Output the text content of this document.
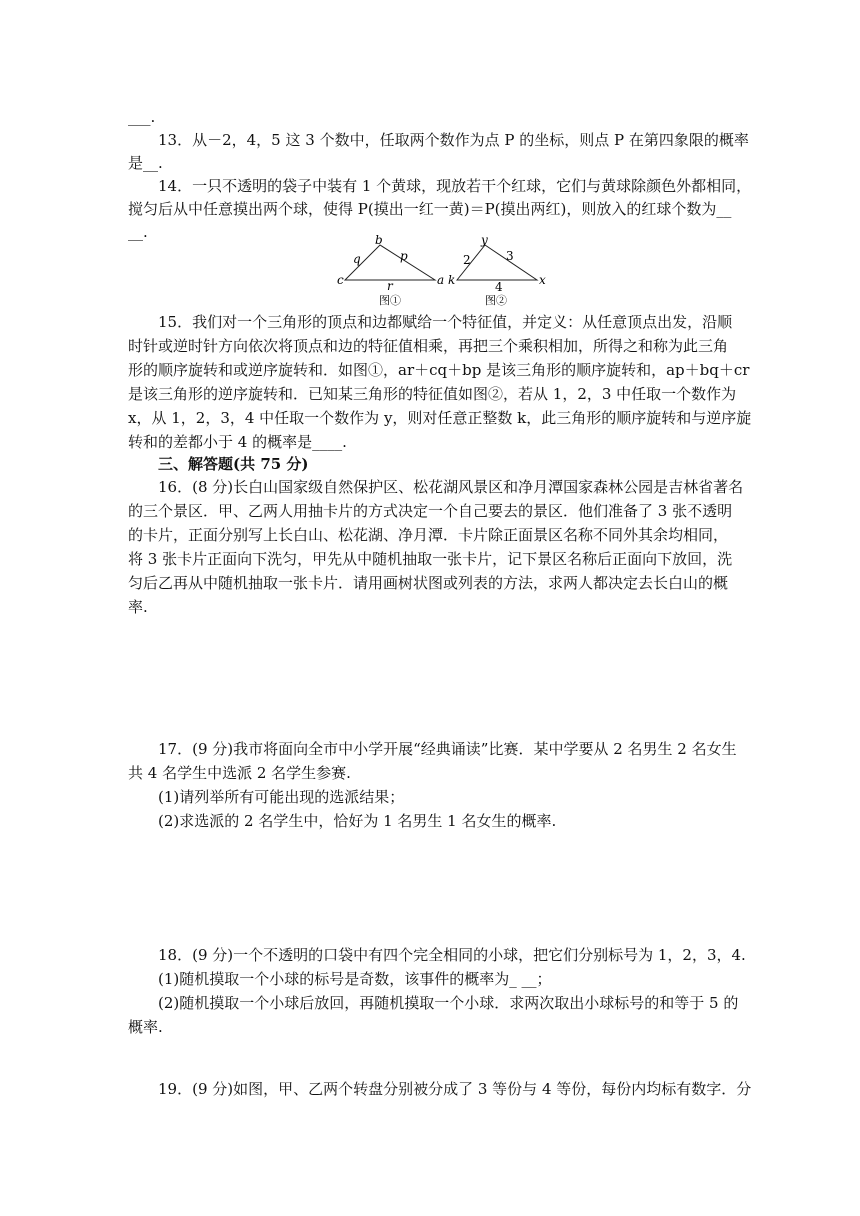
___.
13．从－2，4，5 这 3 个数中，任取两个数作为点 P 的坐标，则点 P 在第四象限的概率
是__.
14．一只不透明的袋子中装有 1 个黄球，现放若干个红球，它们与黄球除颜色外都相同，
搅匀后从中任意摸出两个球，使得 P(摸出一红一黄)＝P(摸出两红)，则放入的红球个数为__
__.	b
c	a
q	p
r
图①
y
k	x
2	3
4
图②
15．我们对一个三角形的顶点和边都赋给一个特征值，并定义：从任意顶点出发，沿顺
时针或逆时针方向依次将顶点和边的特征值相乘，再把三个乘积相加，所得之和称为此三角
形的顺序旋转和或逆序旋转和．如图①，ar＋cq＋bp 是该三角形的顺序旋转和，ap＋bq＋cr
是该三角形的逆序旋转和．已知某三角形的特征值如图②，若从 1，2，3 中任取一个数作为
x，从 1，2，3，4 中任取一个数作为 y，则对任意正整数 k，此三角形的顺序旋转和与逆序旋
转和的差都小于 4 的概率是____.
三、解答题(共 75 分)
16．(8 分)长白山国家级自然保护区、松花湖风景区和净月潭国家森林公园是吉林省著名
的三个景区．甲、乙两人用抽卡片的方式决定一个自己要去的景区．他们准备了 3 张不透明
的卡片，正面分别写上长白山、松花湖、净月潭．卡片除正面景区名称不同外其余均相同，
将 3 张卡片正面向下洗匀，甲先从中随机抽取一张卡片，记下景区名称后正面向下放回，洗
匀后乙再从中随机抽取一张卡片．请用画树状图或列表的方法，求两人都决定去长白山的概
率.
17．(9 分)我市将面向全市中小学开展“经典诵读”比赛．某中学要从 2 名男生 2 名女生
共 4 名学生中选派 2 名学生参赛.
(1)请列举所有可能出现的选派结果；
(2)求选派的 2 名学生中，恰好为 1 名男生 1 名女生的概率.
18．(9 分)一个不透明的口袋中有四个完全相同的小球，把它们分别标号为 1，2，3，4.
(1)随机摸取一个小球的标号是奇数，该事件的概率为_ __；
(2)随机摸取一个小球后放回，再随机摸取一个小球．求两次取出小球标号的和等于 5 的
概率.
19．(9 分)如图，甲、乙两个转盘分别被分成了 3 等份与 4 等份，每份内均标有数字．分
